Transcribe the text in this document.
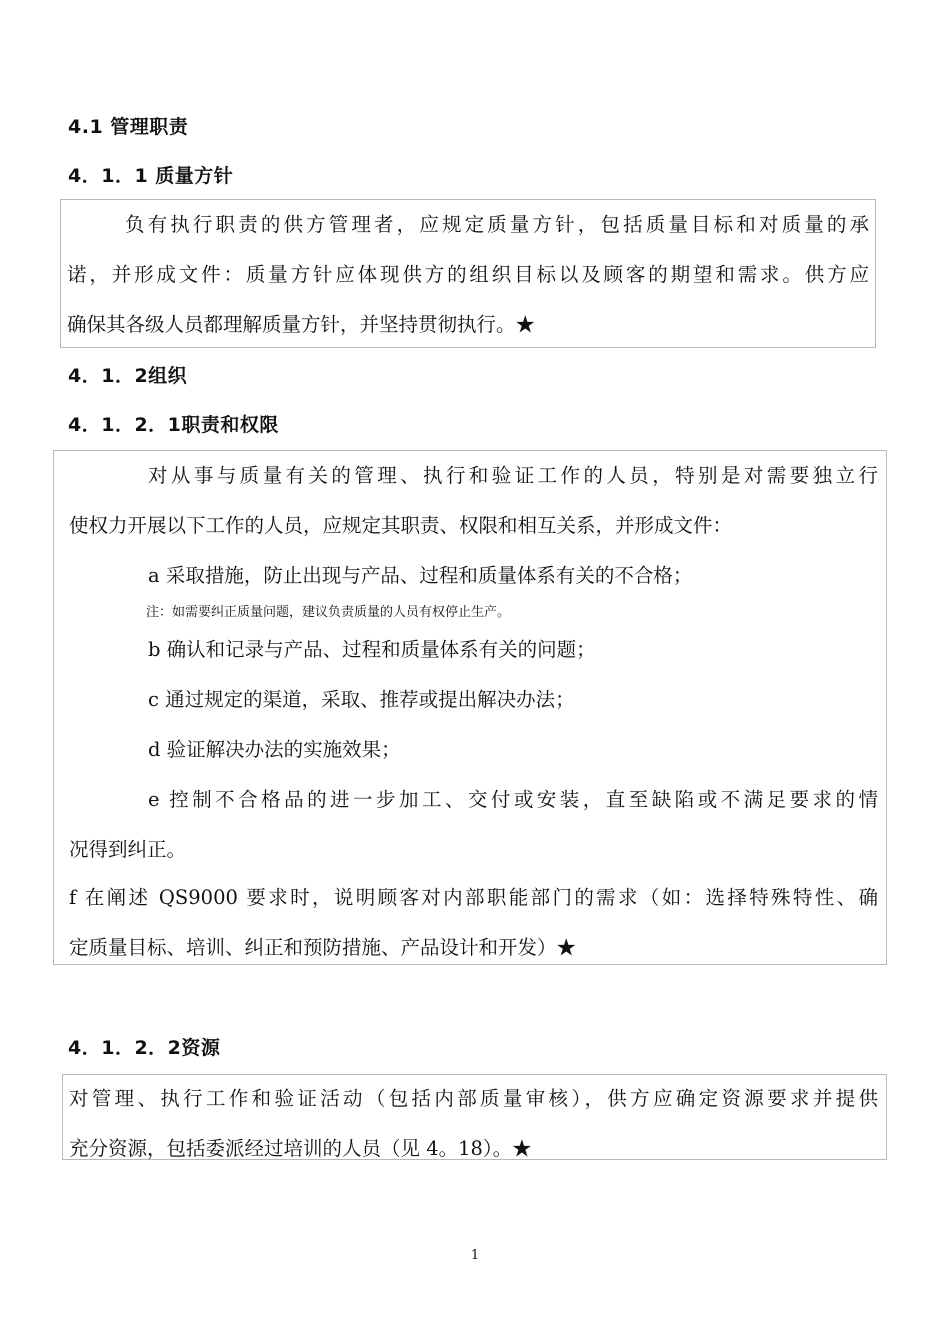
4.1 管理职责
4．1．1 质量方针
负有执行职责的供方管理者，应规定质量方针，包括质量目标和对质量的承
诺，并形成文件：质量方针应体现供方的组织目标以及顾客的期望和需求。供方应
确保其各级人员都理解质量方针，并坚持贯彻执行。★
4．1．2组织
4．1．2．1职责和权限
对从事与质量有关的管理、执行和验证工作的人员，特别是对需要独立行
使权力开展以下工作的人员，应规定其职责、权限和相互关系，并形成文件：
a 采取措施，防止出现与产品、过程和质量体系有关的不合格；
注：如需要纠正质量问题，建议负责质量的人员有权停止生产。
b 确认和记录与产品、过程和质量体系有关的问题；
c 通过规定的渠道，采取、推荐或提出解决办法；
d 验证解决办法的实施效果；
e 控制不合格品的进一步加工、交付或安装，直至缺陷或不满足要求的情
况得到纠正。
f 在阐述 QS9000 要求时，说明顾客对内部职能部门的需求（如：选择特殊特性、确
定质量目标、培训、纠正和预防措施、产品设计和开发）★
4．1．2．2资源
对管理、执行工作和验证活动（包括内部质量审核），供方应确定资源要求并提供
充分资源，包括委派经过培训的人员（见 4。18）。★
1
